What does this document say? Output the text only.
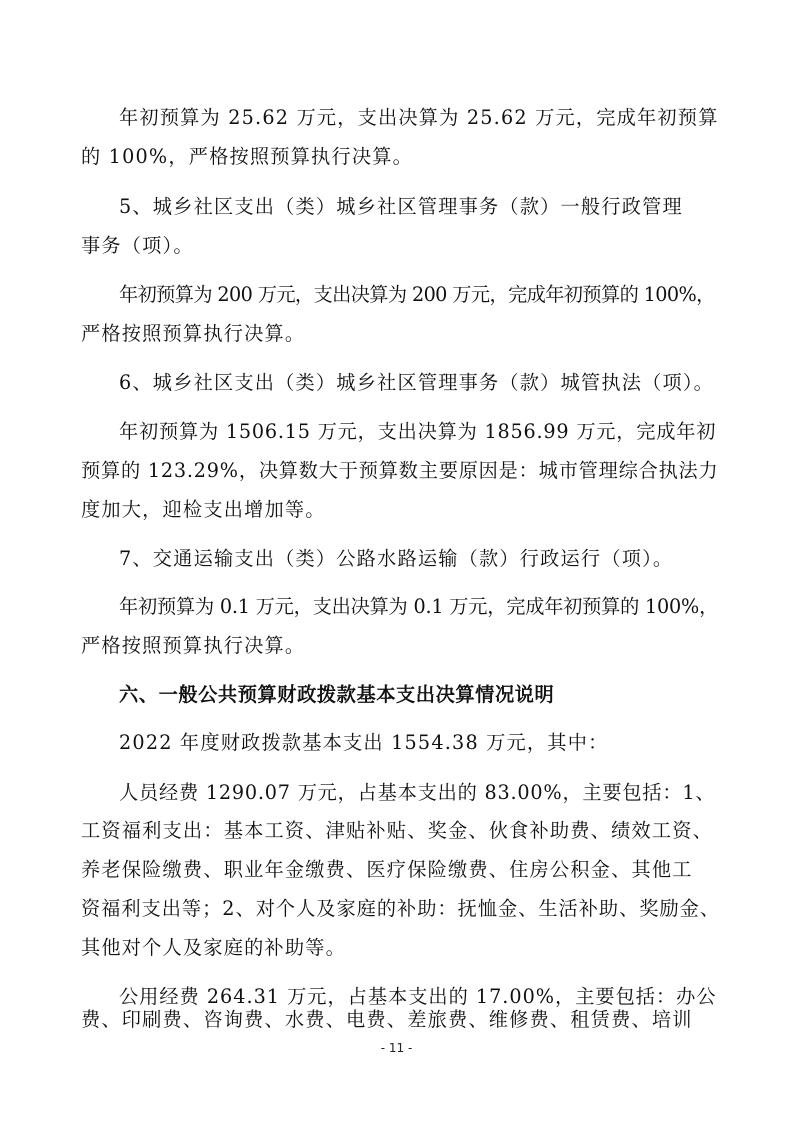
年初预算为 25.62 万元，支出决算为 25.62 万元，完成年初预算
的 100%，严格按照预算执行决算。
5、城乡社区支出（类）城乡社区管理事务（款）一般行政管理
事务（项）。
年初预算为 200 万元，支出决算为 200 万元，完成年初预算的 100%，
严格按照预算执行决算。
6、城乡社区支出（类）城乡社区管理事务（款）城管执法（项）。
年初预算为 1506.15 万元，支出决算为 1856.99 万元，完成年初
预算的 123.29%，决算数大于预算数主要原因是：城市管理综合执法力
度加大，迎检支出增加等。
7、交通运输支出（类）公路水路运输（款）行政运行（项）。
年初预算为 0.1 万元，支出决算为 0.1 万元，完成年初预算的 100%，
严格按照预算执行决算。
六、一般公共预算财政拨款基本支出决算情况说明
2022 年度财政拨款基本支出 1554.38 万元，其中：
人员经费 1290.07 万元，占基本支出的 83.00%，主要包括：1、
工资福利支出：基本工资、津贴补贴、奖金、伙食补助费、绩效工资、
养老保险缴费、职业年金缴费、医疗保险缴费、住房公积金、其他工
资福利支出等；2、对个人及家庭的补助：抚恤金、生活补助、奖励金、
其他对个人及家庭的补助等。
公用经费 264.31 万元，占基本支出的 17.00%，主要包括：办公
费、印刷费、咨询费、水费、电费、差旅费、维修费、租赁费、培训
- 11 -
